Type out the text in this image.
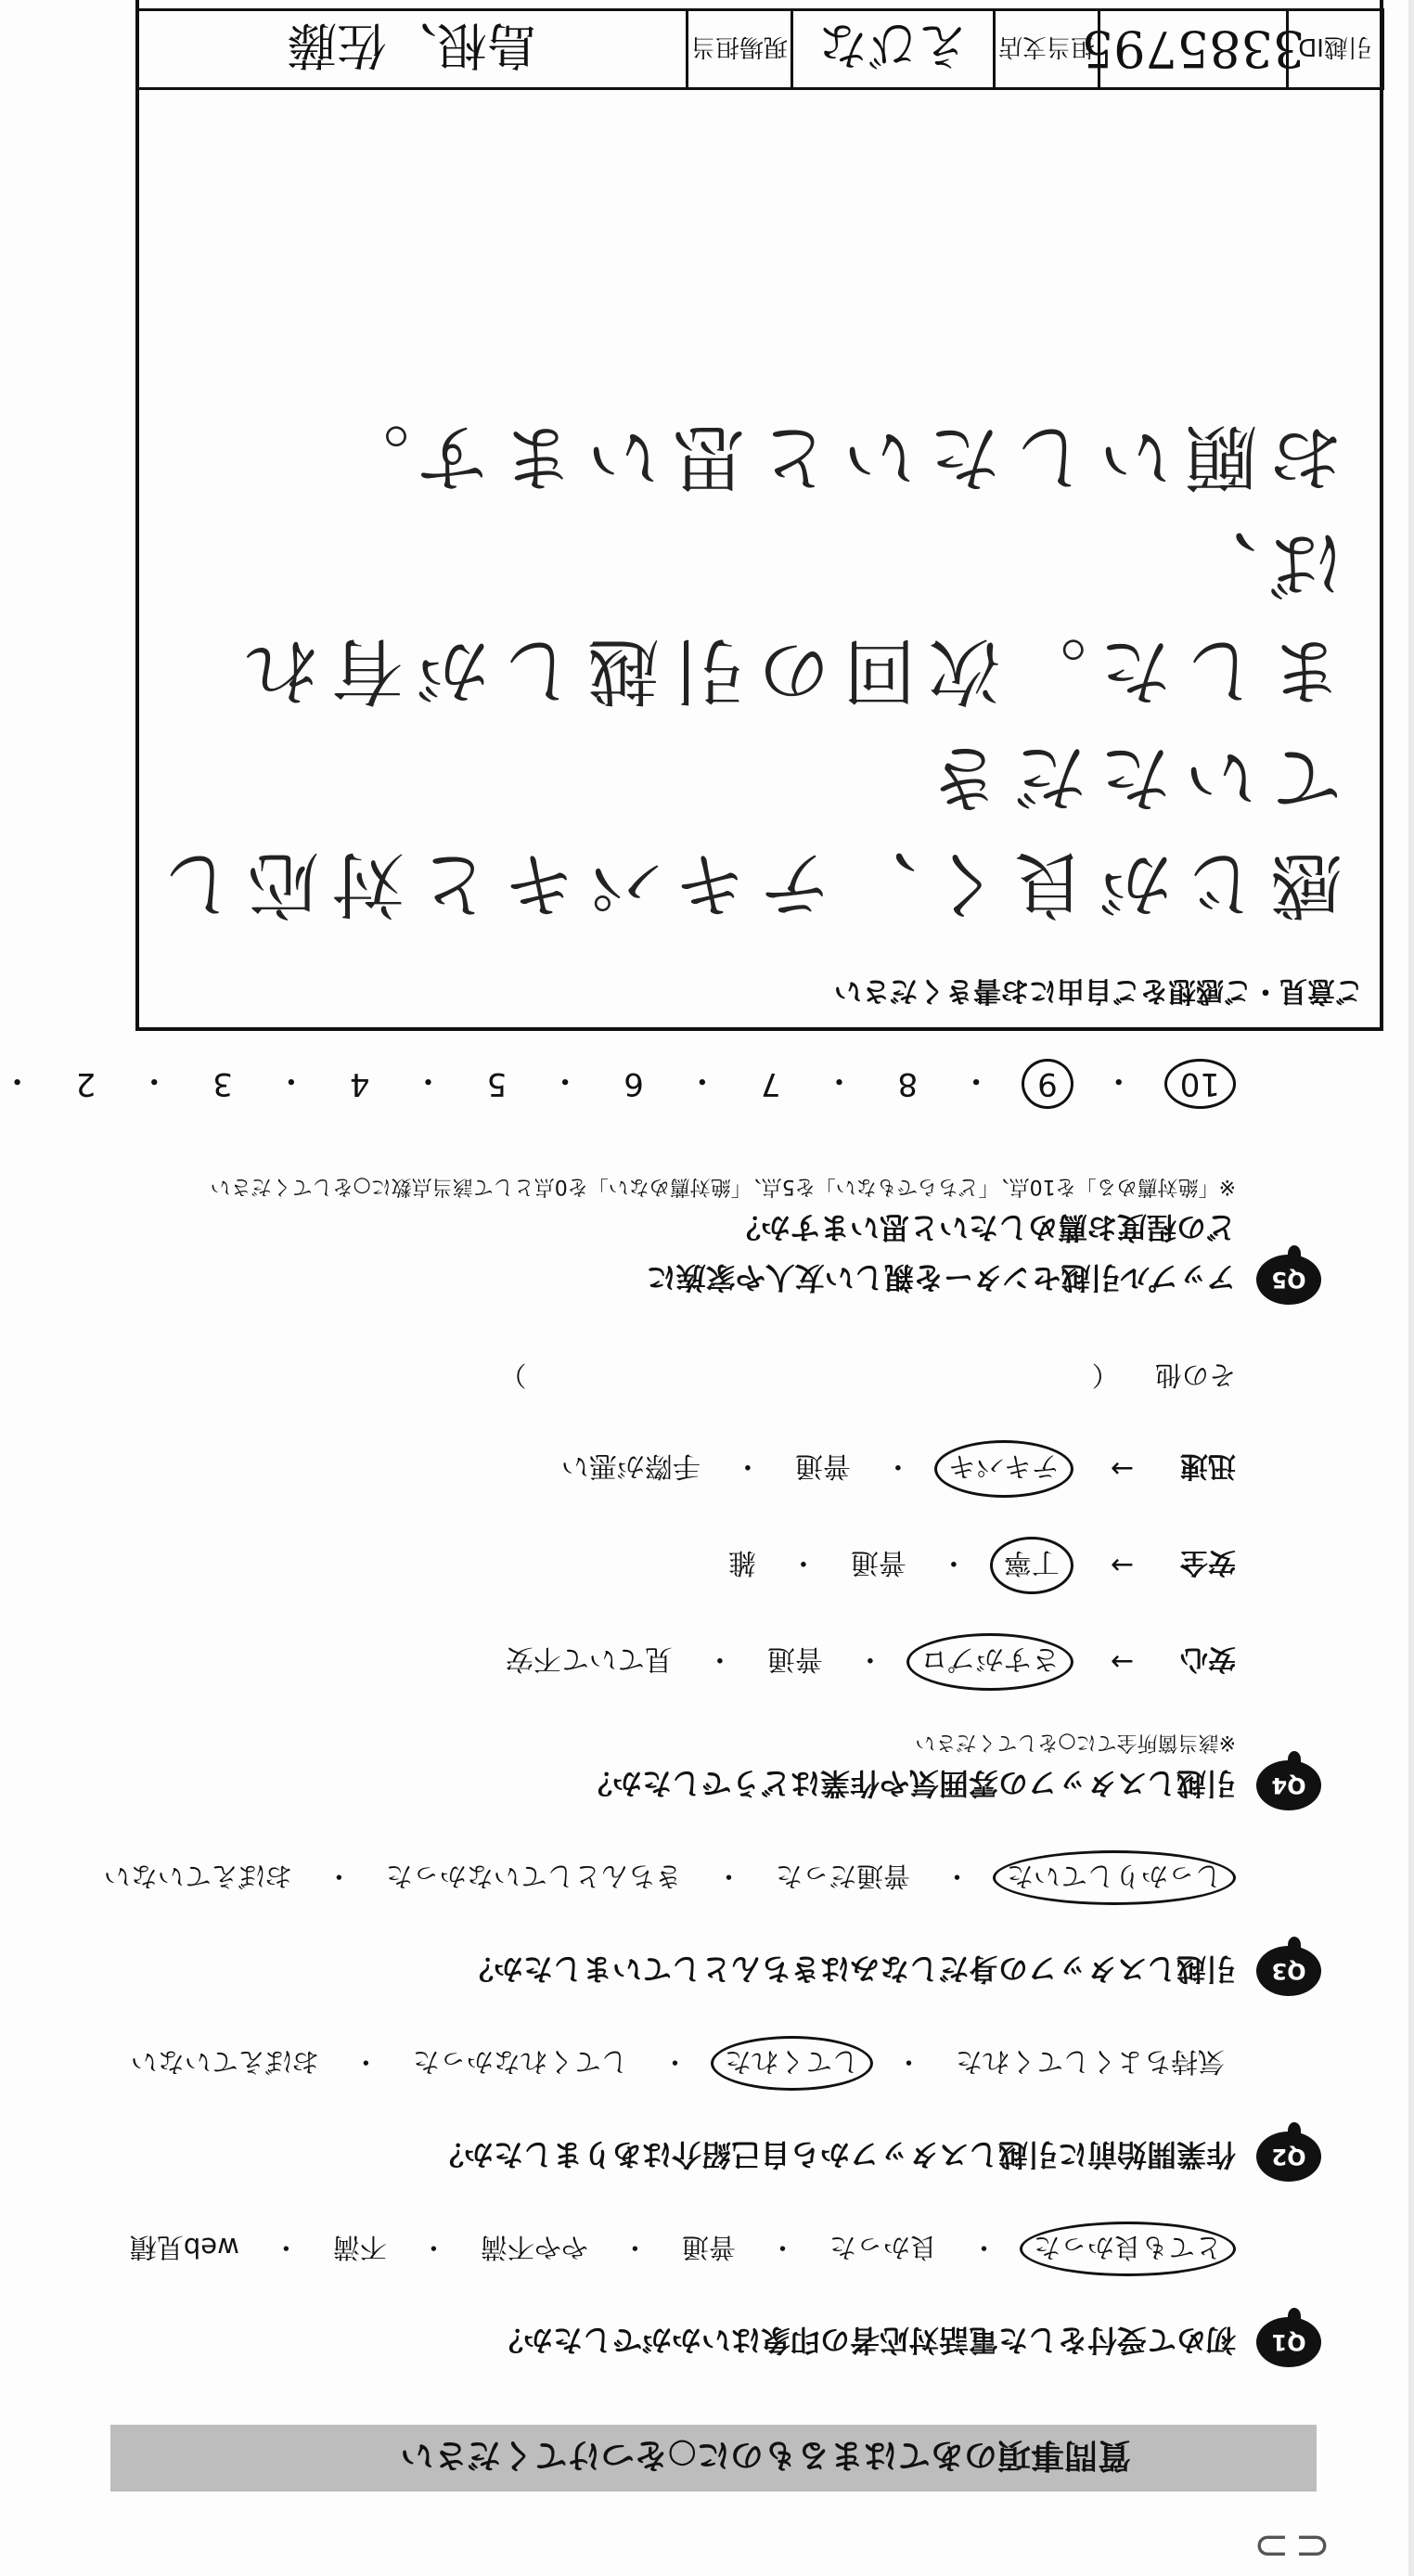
⊂⊃
質問事項のあてはまるものに○をつけてください
Q1
初めて受付をした電話対応者の印象はいかがでしたか？
とても良かった
・
良かった
・
普通
・
やや不満
・
不満
・
web見積
Q2
作業開始前に引越しスタッフから自己紹介はありましたか？
気持ちよくしてくれた
・
してくれた
・
してくれなかった
・
おぼえていない
Q3
引越しスタッフの身だしなみはきちんとしていましたか？
しっかりしていた
・
普通だった
・
きちんとしていなかった
・
おぼえていない
Q4
引越しスタッフの雰囲気や作業はどうでしたか？
※該当箇所全てに○をしてください
安心
→
さすがプロ
・
普通
・
見ていて不安
安全
→
丁寧
・
普通
・
雑
迅速
→
テキパキ
・
普通
・
手際が悪い
その他 （ ）
Q5
アップル引越センターを親しい友人や家族に
どの程度お薦めしたいと思いますか？
※「絶対薦める」を10点、「どちらでもない」を5点、「絶対薦めない」を0点として該当点数に○をしてください
10
・
9
・
8
・
7
・
6
・
5
・
4
・
3
・
2
・
ご意見・ご感想をご自由にお書きください
感じが良く、テキパキと対応していただき
ました。次回の引越しが有れば、
お願いしたいと思います。
引越ID
3385795
担当支店
えびな
現場担当
島根、佐藤
